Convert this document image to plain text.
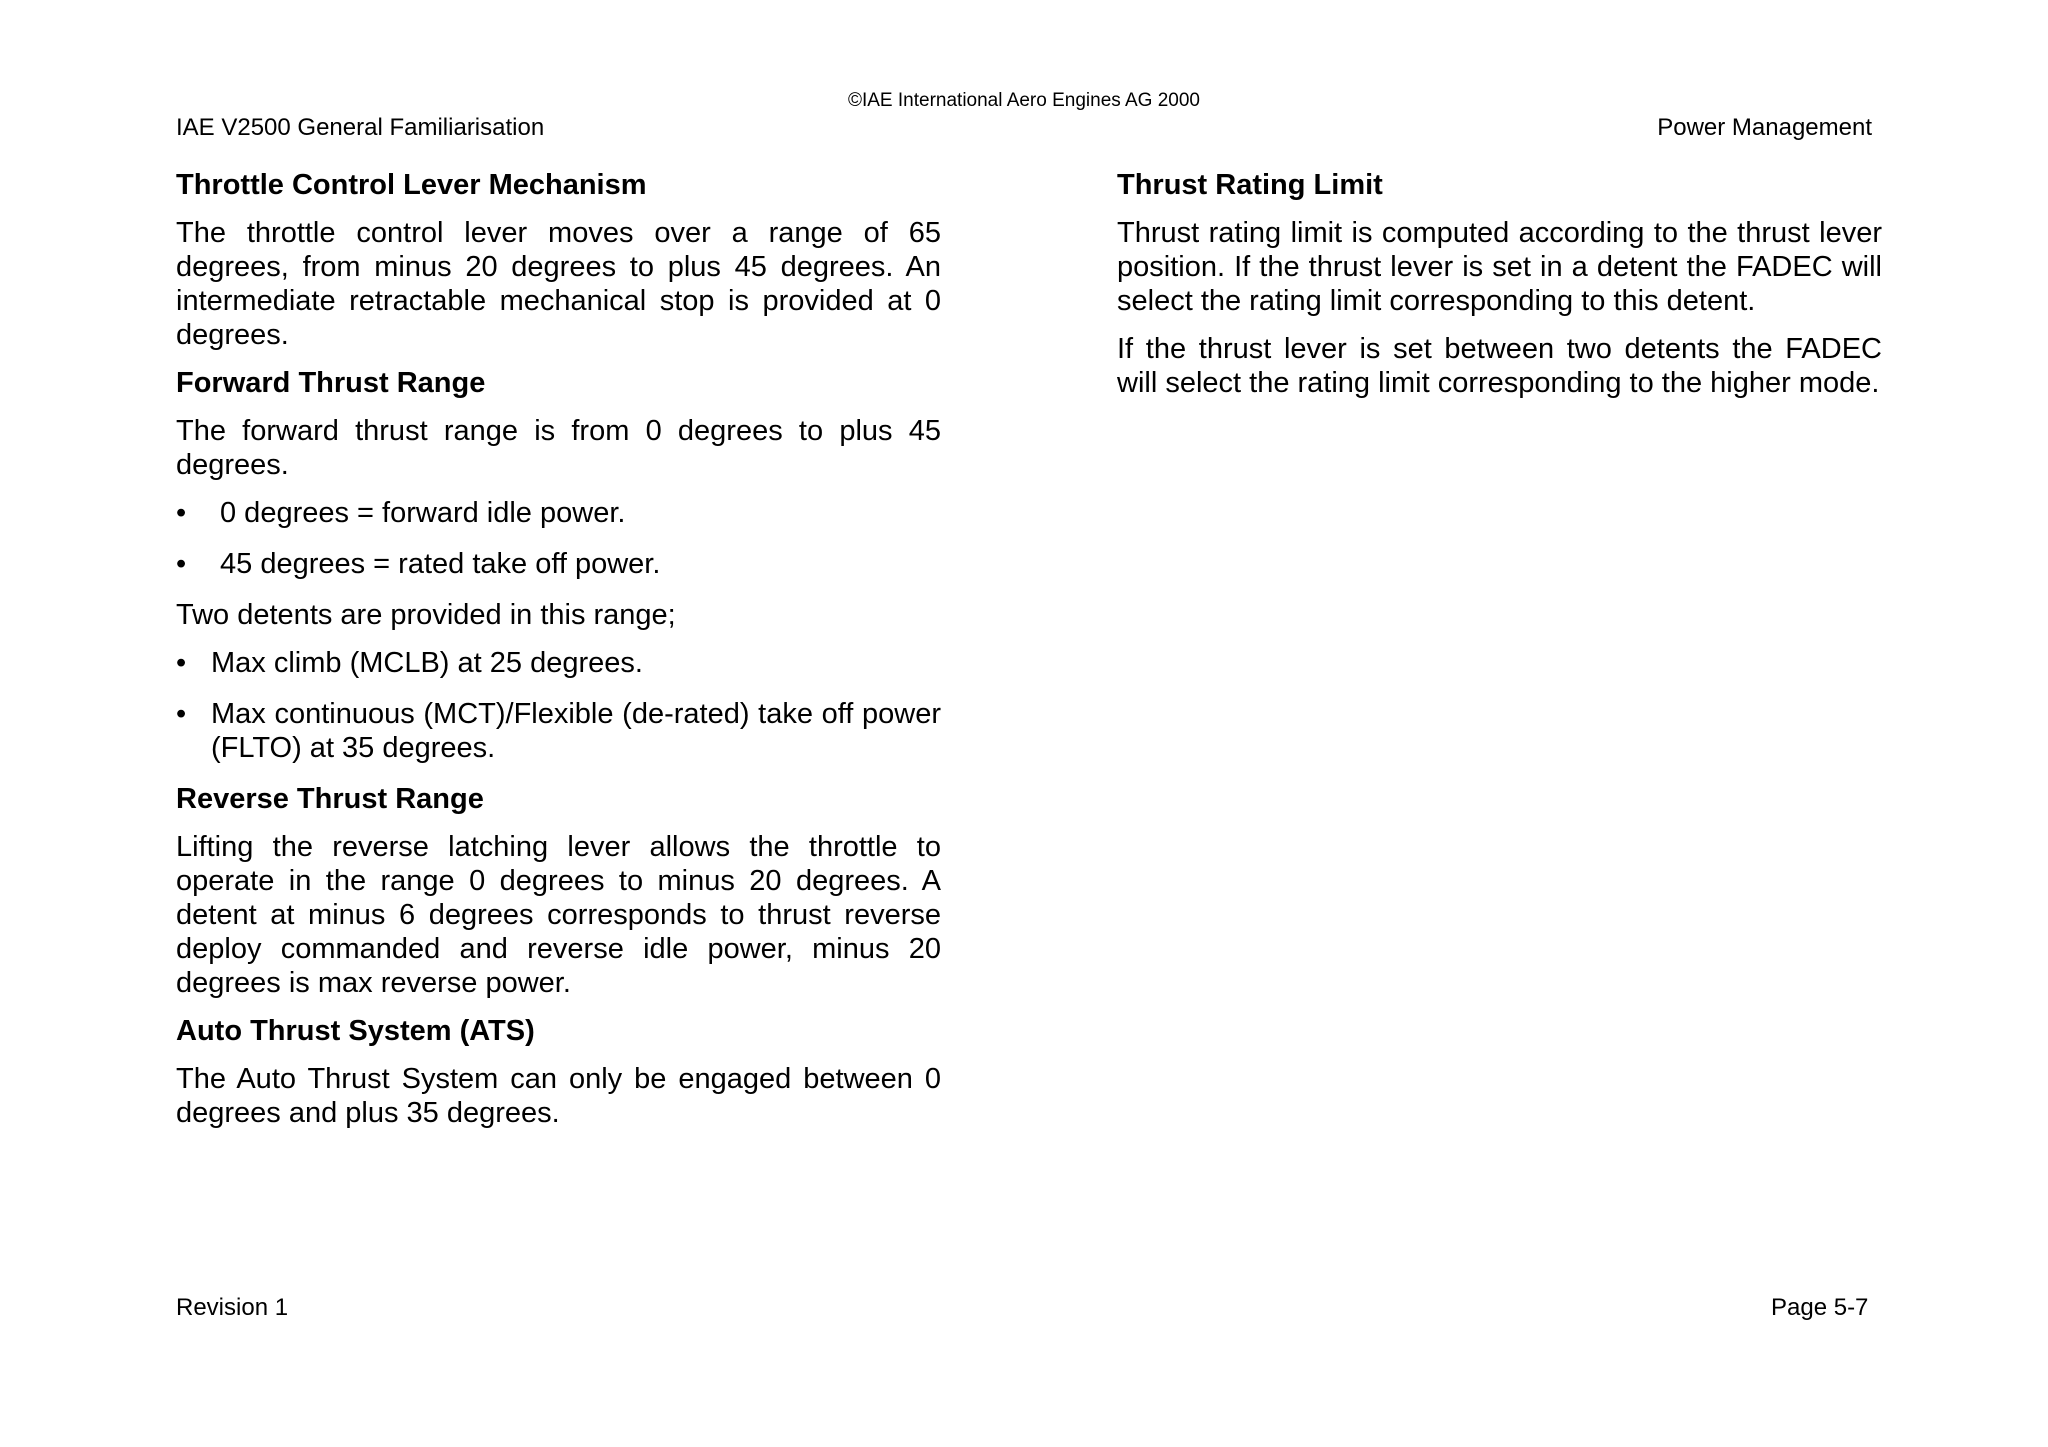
©IAE International Aero Engines AG 2000
IAE V2500 General Familiarisation	Power Management
Throttle Control Lever Mechanism

The throttle control lever moves over a range of 65 degrees, from minus 20 degrees to plus 45 degrees. An intermediate retractable mechanical stop is provided at 0 degrees.

Forward Thrust Range

The forward thrust range is from 0 degrees to plus 45 degrees.

• 0 degrees = forward idle power.
• 45 degrees = rated take off power.

Two detents are provided in this range;

• Max climb (MCLB) at 25 degrees.
• Max continuous (MCT)/Flexible (de-rated) take off power (FLTO) at 35 degrees.
Reverse Thrust Range

Lifting the reverse latching lever allows the throttle to operate in the range 0 degrees to minus 20 degrees. A detent at minus 6 degrees corresponds to thrust reverse deploy commanded and reverse idle power, minus 20 degrees is max reverse power.

Auto Thrust System (ATS)

The Auto Thrust System can only be engaged between 0 degrees and plus 35 degrees.

Thrust Rating Limit

Thrust rating limit is computed according to the thrust lever position. If the thrust lever is set in a detent the FADEC will select the rating limit corresponding to this detent.

If the thrust lever is set between two detents the FADEC will select the rating limit corresponding to the higher mode.

Revision 1	Page 5-7
